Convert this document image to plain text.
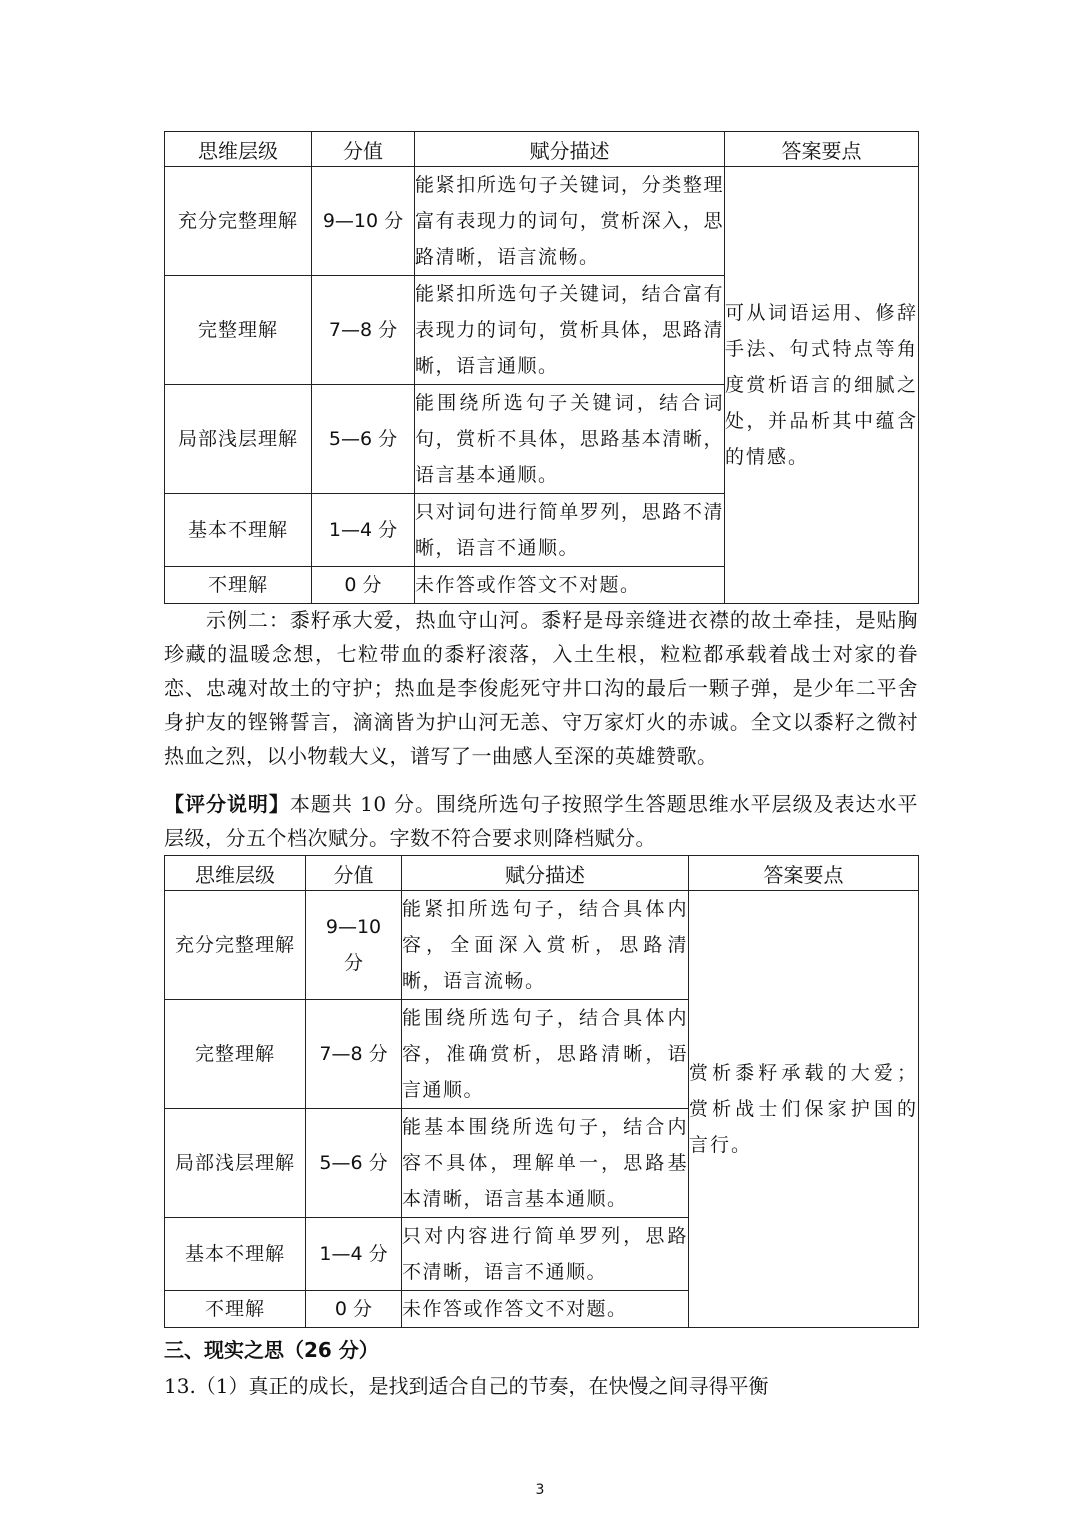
思维层级	分值	赋分描述	答案要点
充分完整理解	9—10 分	能紧扣所选句子关键词，分类整理富有表现力的词句，赏析深入，思路清晰，语言流畅。	可从词语运用、修辞手法、句式特点等角度赏析语言的细腻之处，并品析其中蕴含的情感。
完整理解	7—8 分	能紧扣所选句子关键词，结合富有表现力的词句，赏析具体，思路清晰，语言通顺。	
局部浅层理解	5—6 分	能围绕所选句子关键词，结合词句，赏析不具体，思路基本清晰，语言基本通顺。	
基本不理解	1—4 分	只对词句进行简单罗列，思路不清晰，语言不通顺。	
不理解	0 分	未作答或作答文不对题。	
示例二：黍籽承大爱，热血守山河。黍籽是母亲缝进衣襟的故土牵挂，是贴胸珍藏的温暖念想，七粒带血的黍籽滚落，入土生根，粒粒都承载着战士对家的眷恋、忠魂对故土的守护；热血是李俊彪死守井口沟的最后一颗子弹，是少年二平舍身护友的铿锵誓言，滴滴皆为护山河无恙、守万家灯火的赤诚。全文以黍籽之微衬热血之烈，以小物载大义，谱写了一曲感人至深的英雄赞歌。
【评分说明】本题共 10 分。围绕所选句子按照学生答题思维水平层级及表达水平层级，分五个档次赋分。字数不符合要求则降档赋分。
思维层级	分值	赋分描述	答案要点
充分完整理解	9—10 分	能紧扣所选句子，结合具体内容，全面深入赏析，思路清晰，语言流畅。	赏析黍籽承载的大爱；赏析战士们保家护国的言行。
完整理解	7—8 分	能围绕所选句子，结合具体内容，准确赏析，思路清晰，语言通顺。	
局部浅层理解	5—6 分	能基本围绕所选句子，结合内容不具体，理解单一，思路基本清晰，语言基本通顺。	
基本不理解	1—4 分	只对内容进行简单罗列，思路不清晰，语言不通顺。	
不理解	0 分	未作答或作答文不对题。	
三、现实之思（26 分）
13.（1）真正的成长，是找到适合自己的节奏，在快慢之间寻得平衡
3
